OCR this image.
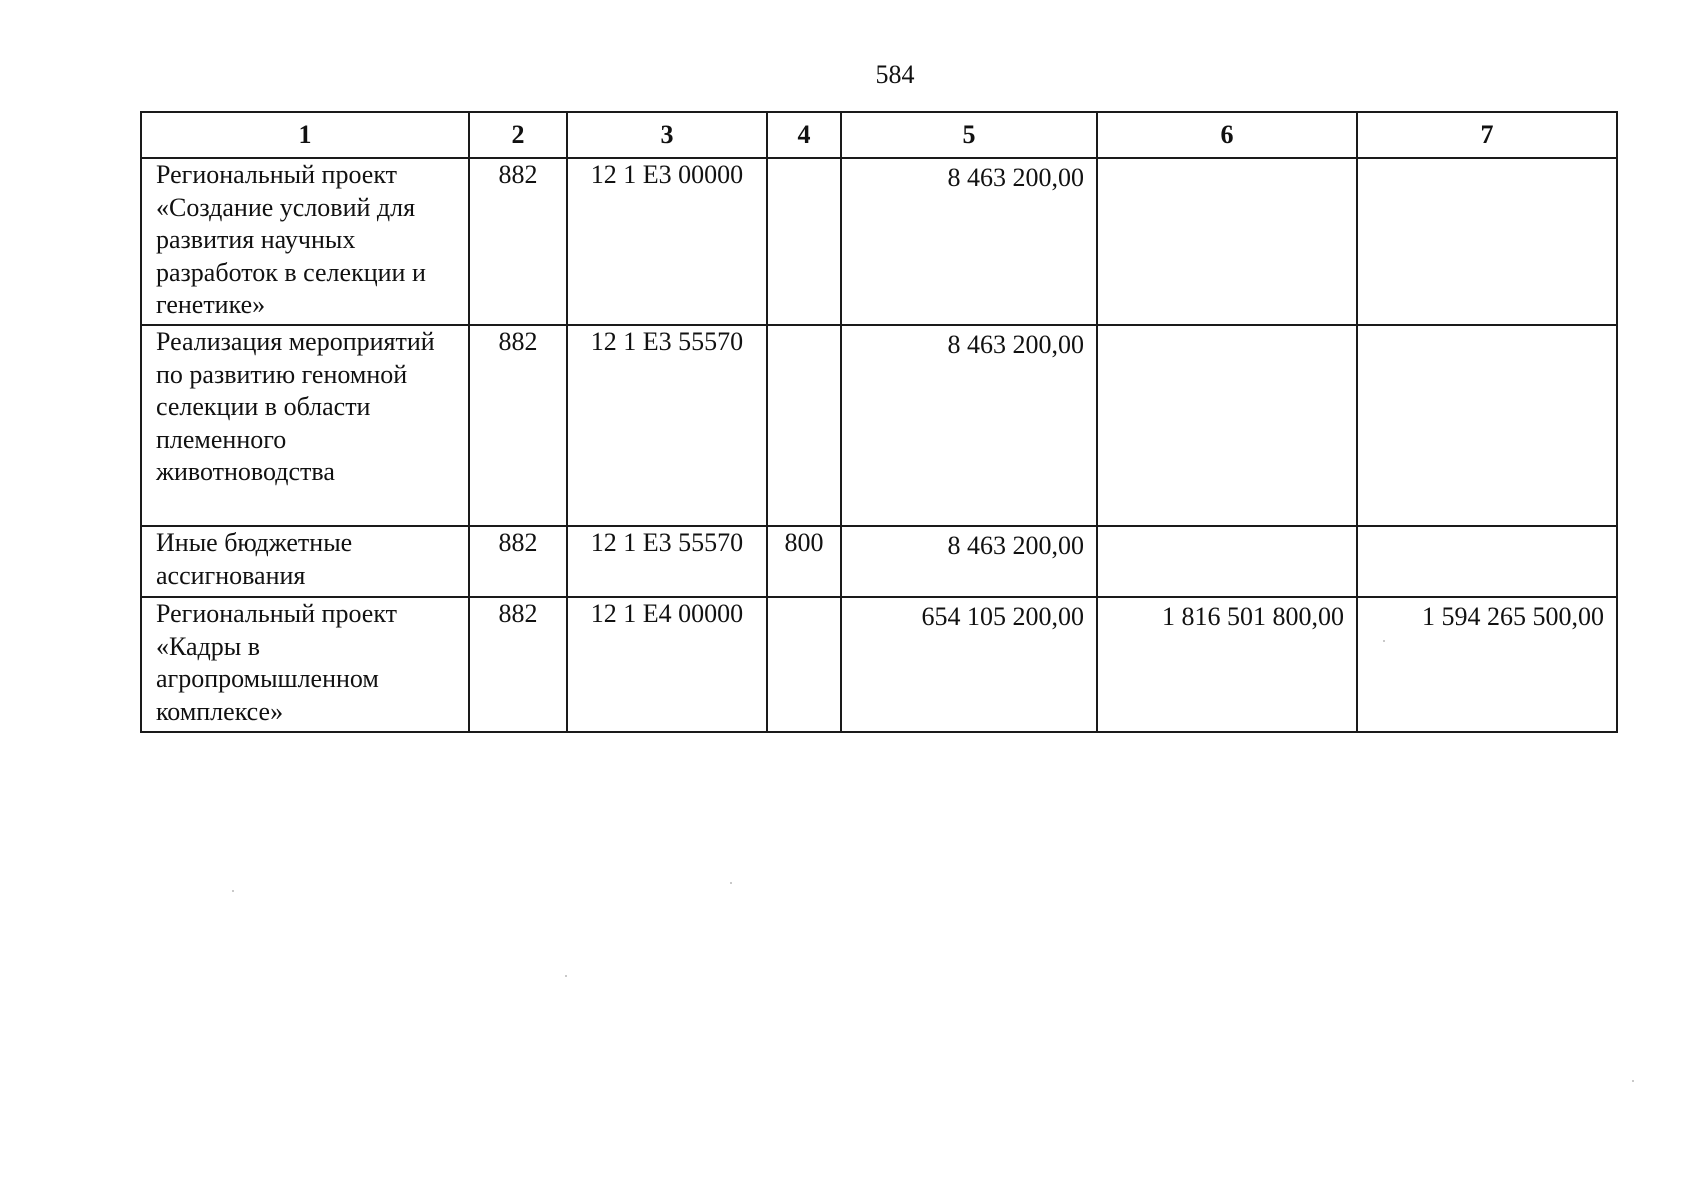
584
1	2	3	4	5	6	7
Региональный проект «Создание условий для развития научных разработок в селекции и генетике»	882	12 1 Е3 00000		8 463 200,00		
Реализация мероприятий по развитию геномной селекции в области племенного животноводства	882	12 1 Е3 55570		8 463 200,00		
Иные бюджетные ассигнования	882	12 1 Е3 55570	800	8 463 200,00		
Региональный проект «Кадры в агропромышленном комплексе»	882	12 1 Е4 00000		654 105 200,00	1 816 501 800,00	1 594 265 500,00
